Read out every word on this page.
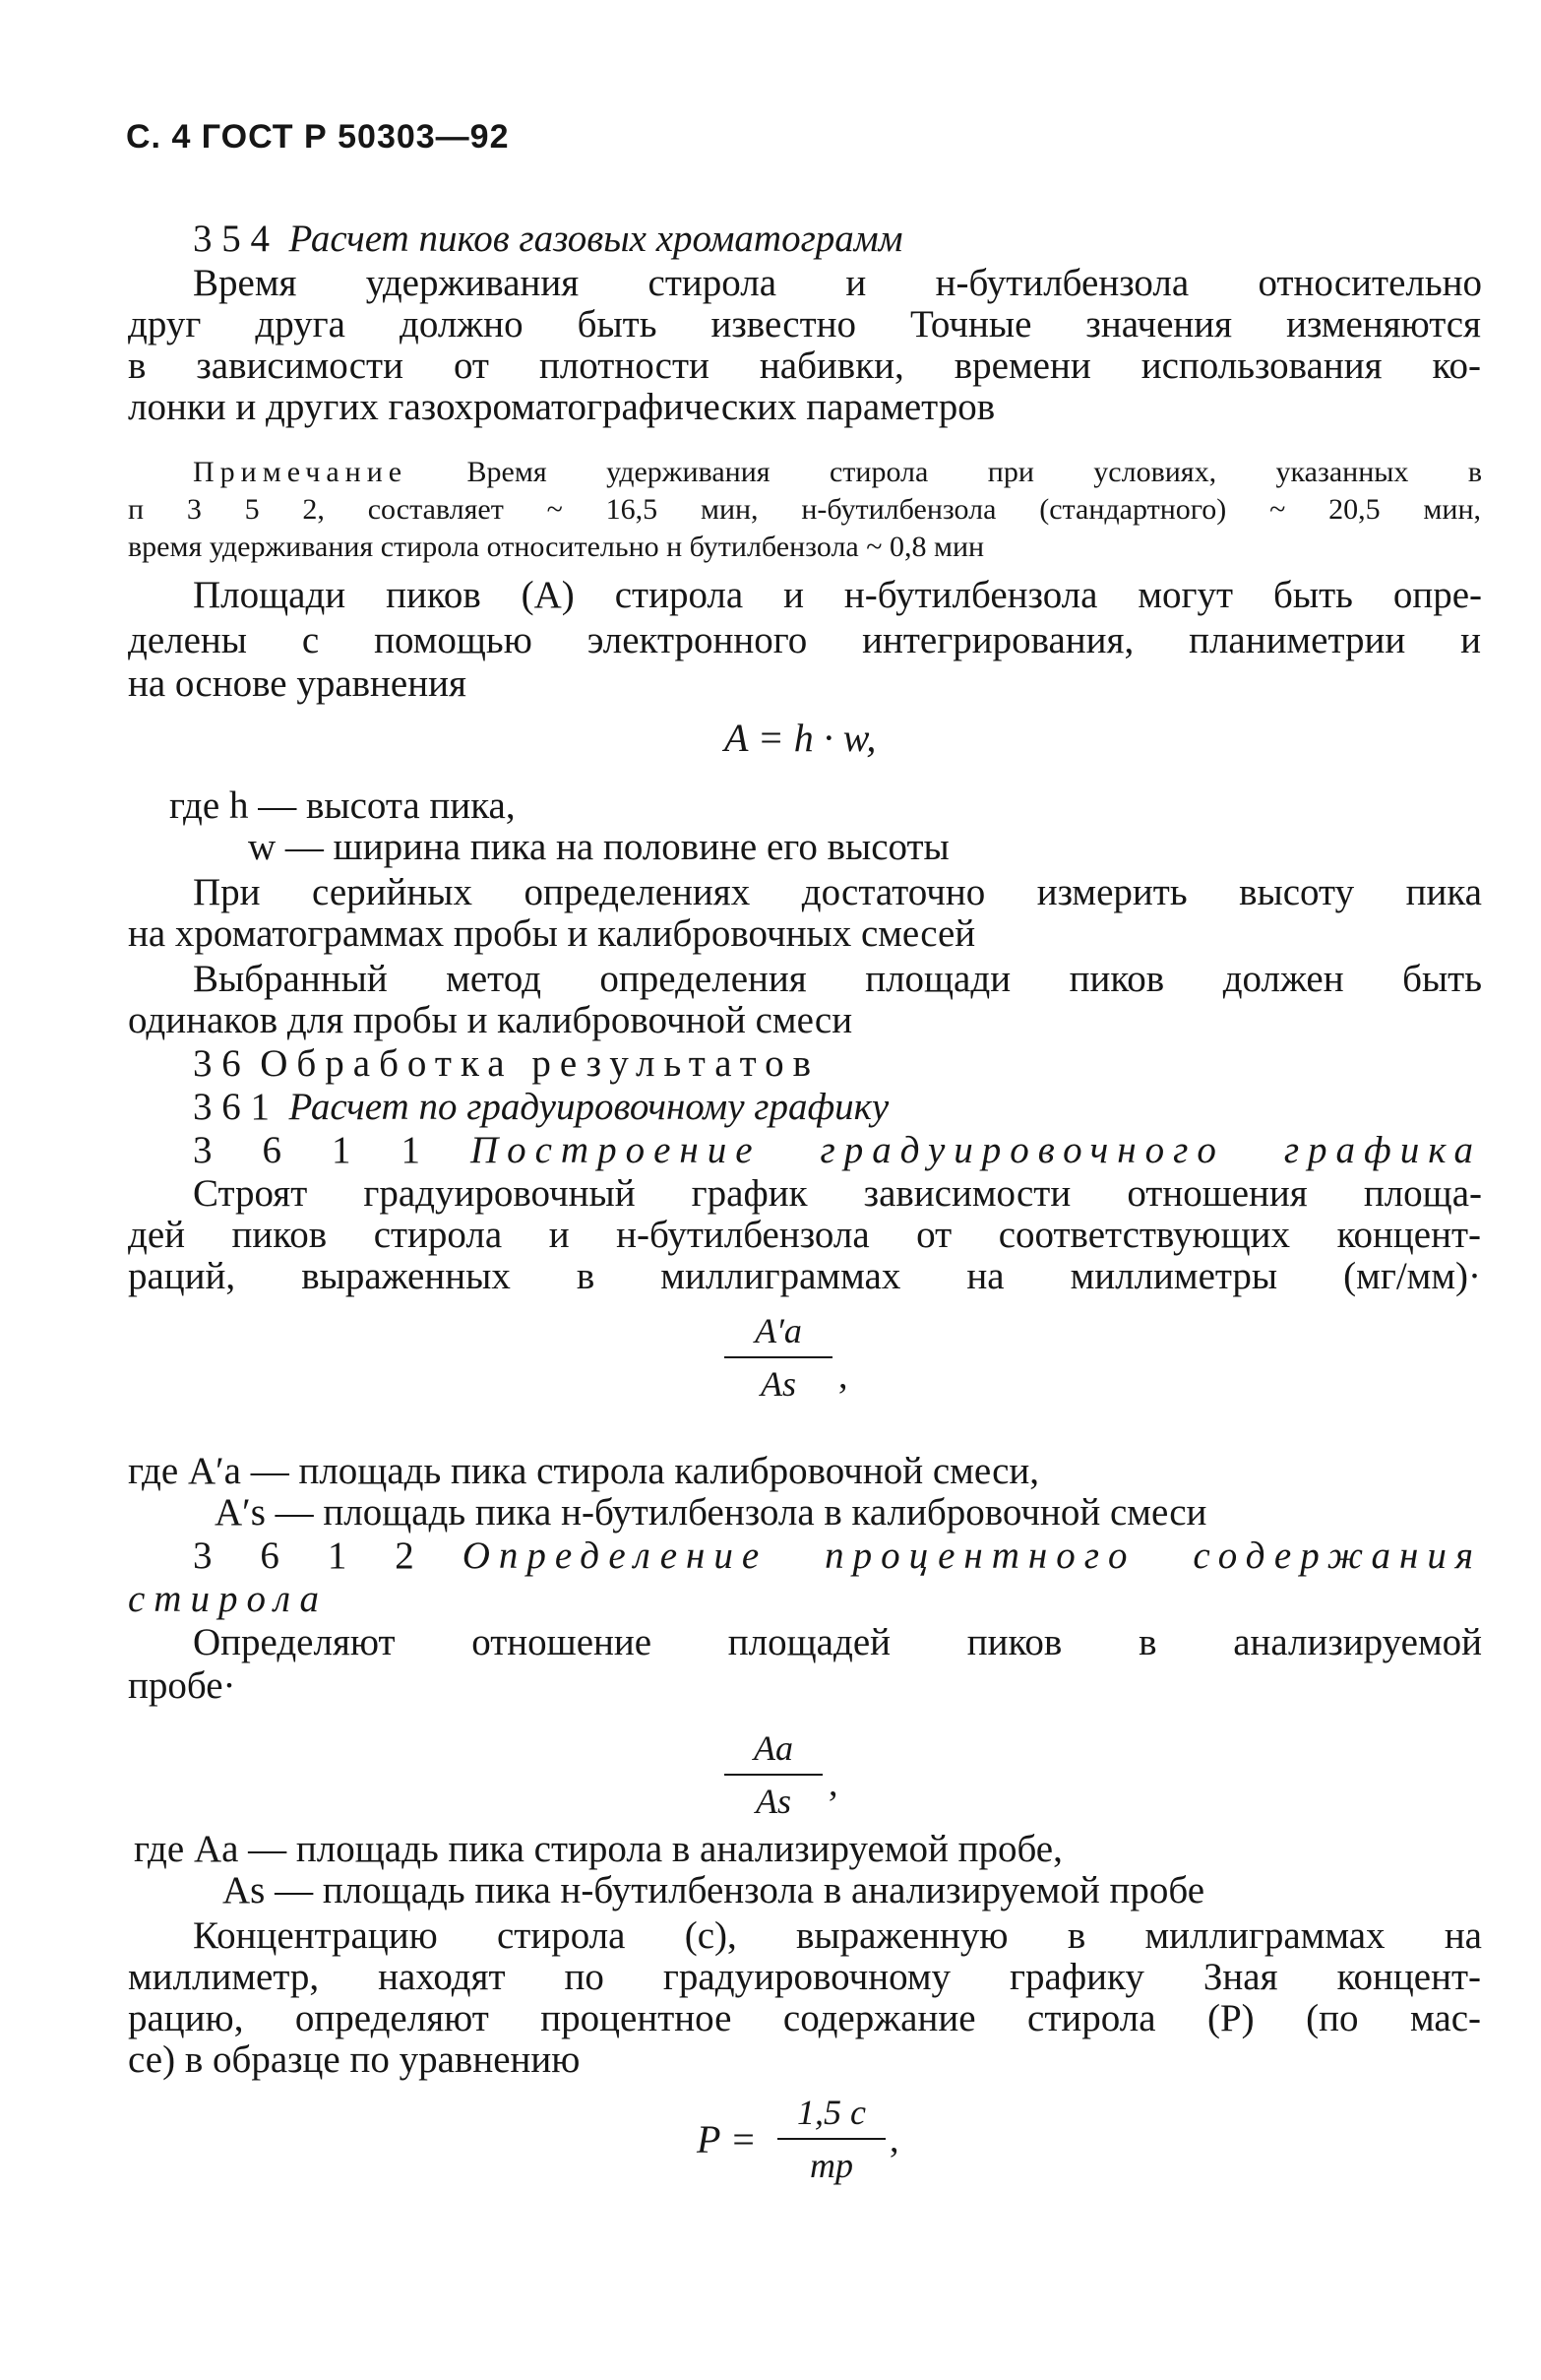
С. 4 ГОСТ Р 50303—92
3 5 4 Расчет пиков газовых хроматограмм
Время удерживания стирола и н-бутилбензола относительно
друг друга должно быть известно Точные значения изменяются
в зависимости от плотности набивки, времени использования ко-
лонки и других газохроматографических параметров
Примечание Время удерживания стирола при условиях, указанных в
п 3 5 2, составляет ~ 16,5 мин, н-бутилбензола (стандартного) ~ 20,5 мин,
время удерживания стирола относительно н бутилбензола ~ 0,8 мин
Площади пиков (A) стирола и н-бутилбензола могут быть опре-
делены с помощью электронного интегрирования, планиметрии и
на основе уравнения
A = h · w,
где h — высота пика,
w — ширина пика на половине его высоты
При серийных определениях достаточно измерить высоту пика
на хроматограммах пробы и калибровочных смесей
Выбранный метод определения площади пиков должен быть
одинаков для пробы и калибровочной смеси
3 6 Обработка результатов
3 6 1 Расчет по градуировочному графику
3 6 1 1 Построение градуировочного графика
Строят градуировочный график зависимости отношения площа-
дей пиков стирола и н-бутилбензола от соответствующих концент-
раций, выраженных в миллиграммах на миллиметры (мг/мм)·
A′a
As	,
где A′a — площадь пика стирола калибровочной смеси,
A′s — площадь пика н-бутилбензола в калибровочной смеси
3 6 1 2 Определение процентного содержания
стирола
Определяют отношение площадей пиков в анализируемой
пробе·
Aa
As	,
где Aa — площадь пика стирола в анализируемой пробе,
As — площадь пика н-бутилбензола в анализируемой пробе
Концентрацию стирола (c), выраженную в миллиграммах на
миллиметр, находят по градуировочному графику Зная концент-
рацию, определяют процентное содержание стирола (P) (по мас-
се) в образце по уравнению
P =
1,5 c
mp
,
